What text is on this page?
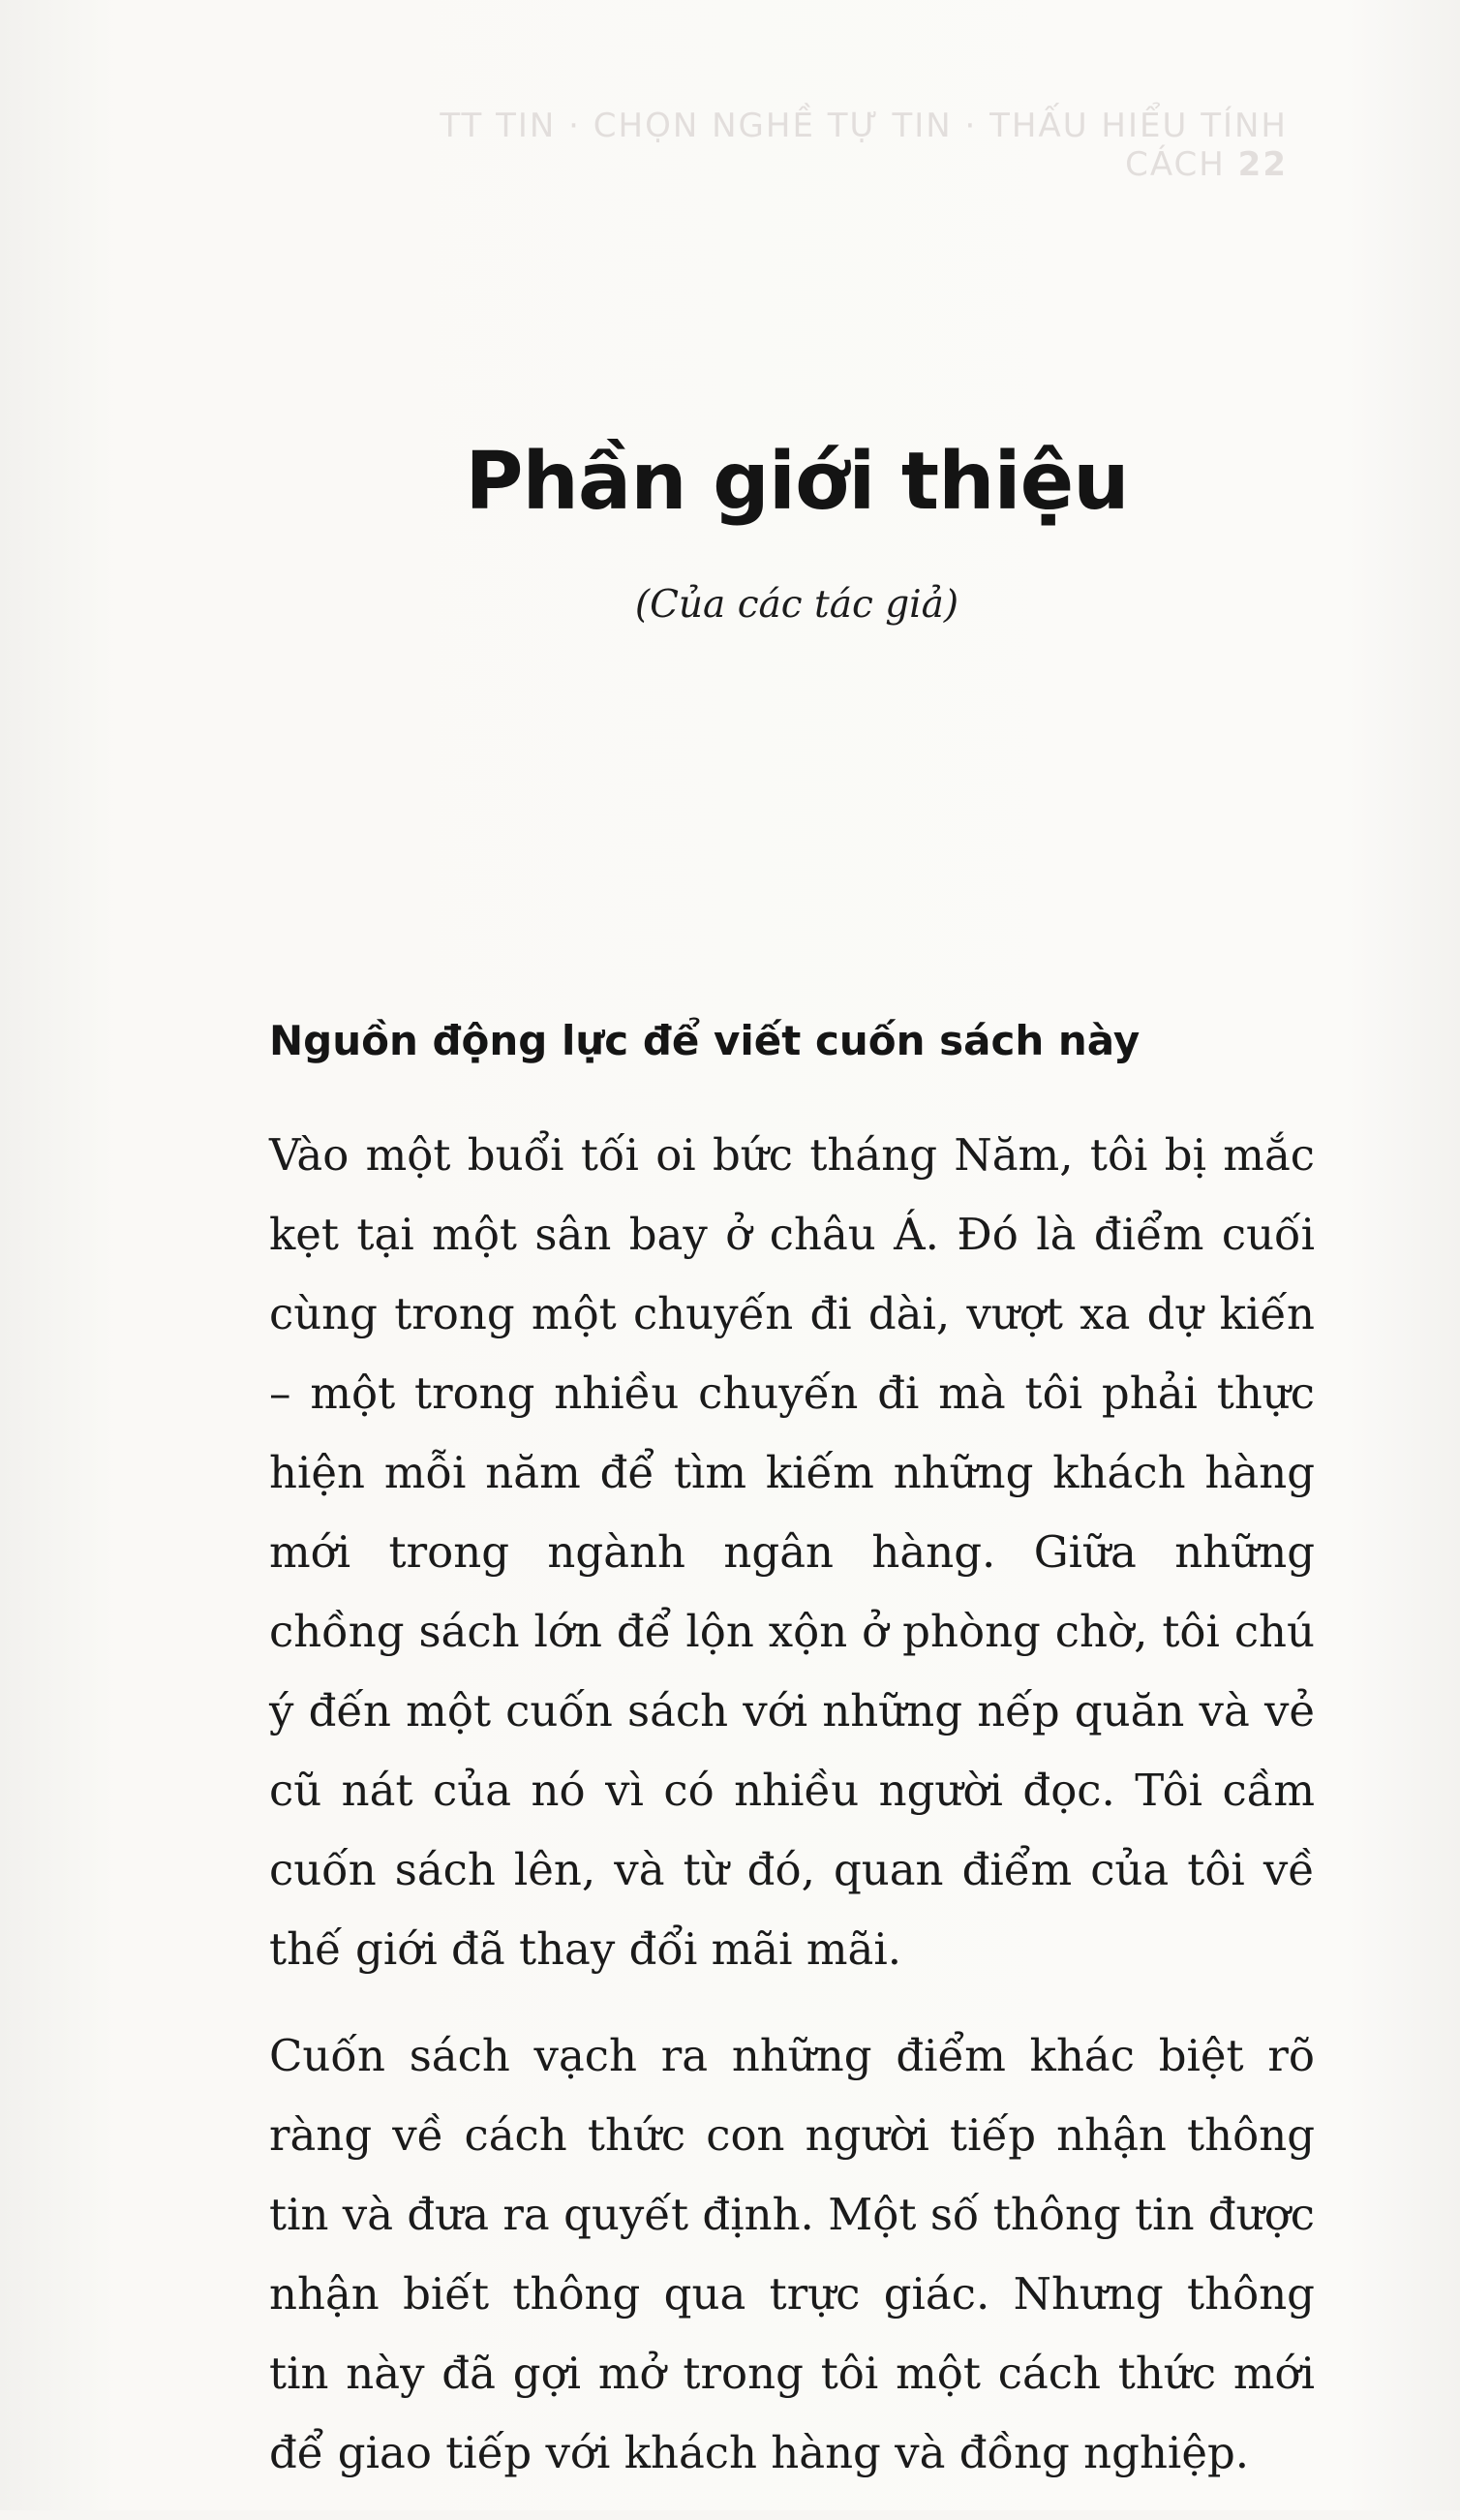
TT TIN · CHỌN NGHỀ TỰ TIN · THẤU HIỂU TÍNH CÁCH 22
Phần giới thiệu
(Của các tác giả)
Nguồn động lực để viết cuốn sách này

Vào một buổi tối oi bức tháng Năm, tôi bị mắc kẹt tại một sân bay ở châu Á. Đó là điểm cuối cùng trong một chuyến đi dài, vượt xa dự kiến – một trong nhiều chuyến đi mà tôi phải thực hiện mỗi năm để tìm kiếm những khách hàng mới trong ngành ngân hàng. Giữa những chồng sách lớn để lộn xộn ở phòng chờ, tôi chú ý đến một cuốn sách với những nếp quăn và vẻ cũ nát của nó vì có nhiều người đọc. Tôi cầm cuốn sách lên, và từ đó, quan điểm của tôi về thế giới đã thay đổi mãi mãi.

Cuốn sách vạch ra những điểm khác biệt rõ ràng về cách thức con người tiếp nhận thông tin và đưa ra quyết định. Một số thông tin được nhận biết thông qua trực giác. Nhưng thông tin này đã gợi mở trong tôi một cách thức mới để giao tiếp với khách hàng và đồng nghiệp.
